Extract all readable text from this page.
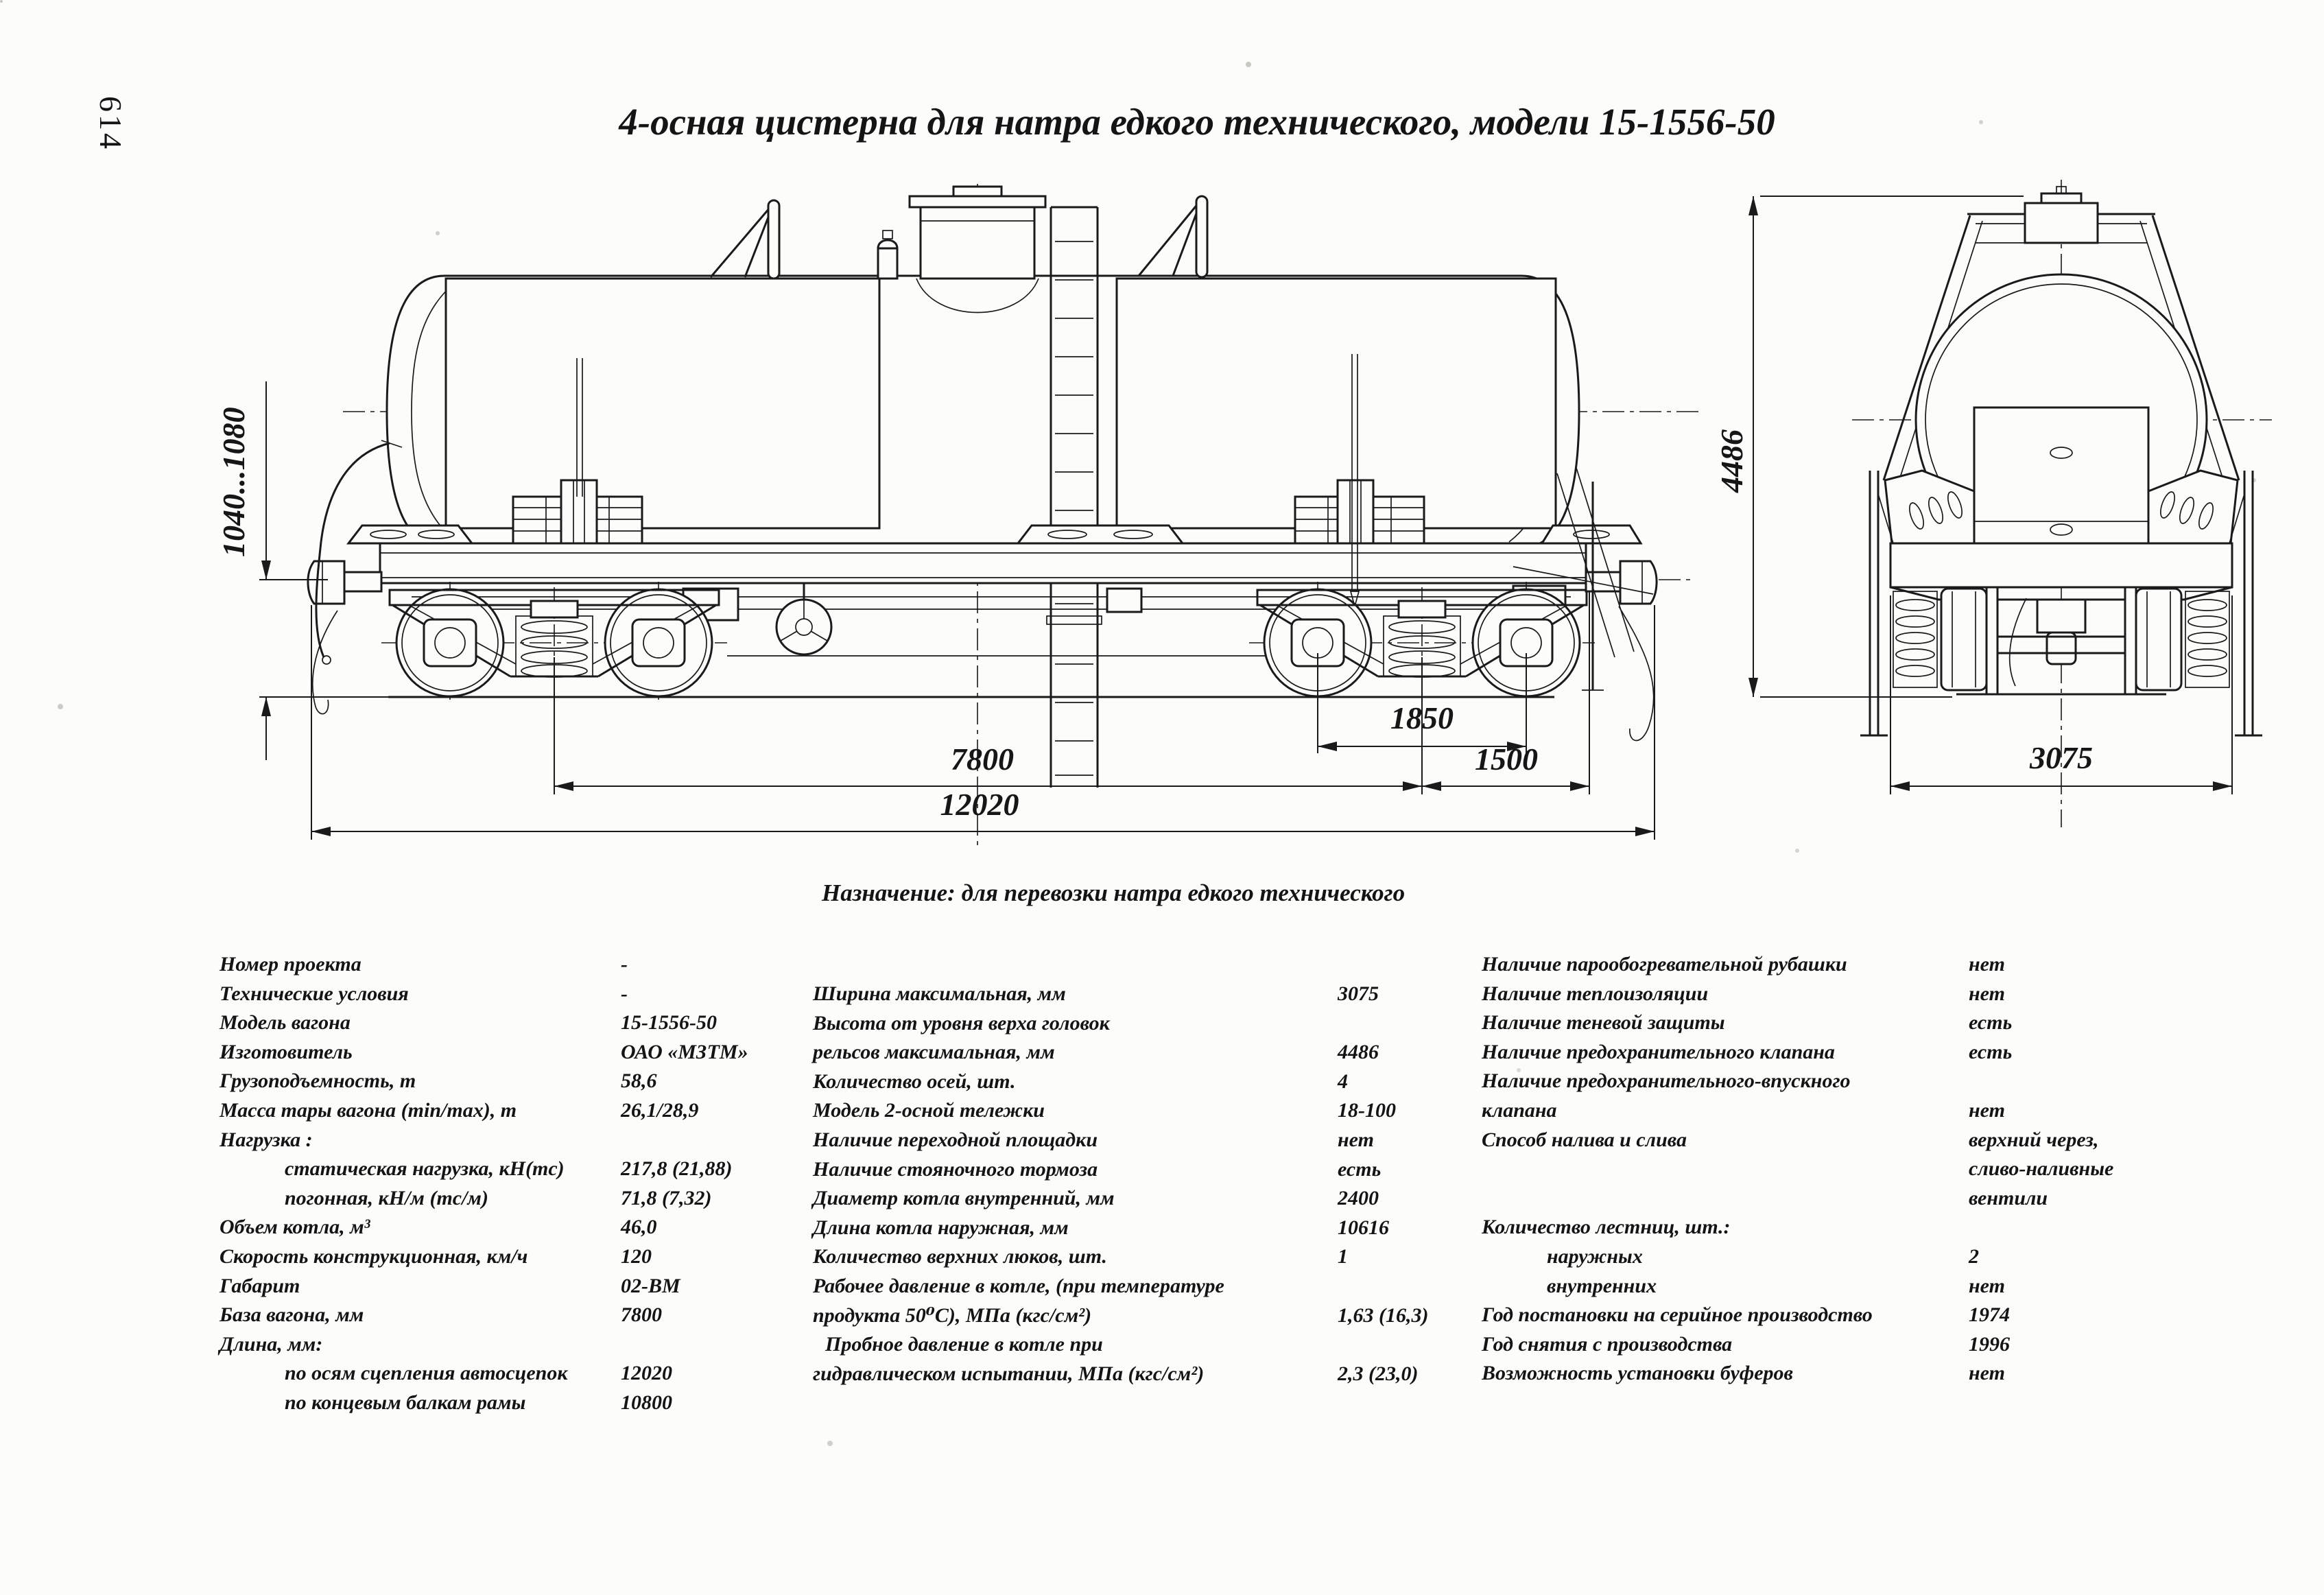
614	4-осная цистерна для натра едкого технического, модели 15-1556-50
1040...1080
1850
7800	1500
12020
4486
3075
Назначение: для перевозки натра едкого технического
Номер проекта	-
Технические условия	-
Модель вагона	15-1556-50
Изготовитель	ОАО «МЗТМ»
Грузоподъемность, т	58,6
Масса тары вагона (min/max), т	26,1/28,9
Нагрузка :
статическая нагрузка, кН(тс)	217,8 (21,88)
погонная, кН/м (тс/м)	71,8 (7,32)
Объем котла, м³	46,0
Скорость конструкционная, км/ч	120
Габарит	02-ВМ
База вагона, мм	7800
Длина, мм:
по осям сцепления автосцепок	12020
по концевым балкам рамы	10800
Ширина максимальная, мм	3075
Высота от уровня верха головок
рельсов максимальная, мм	4486
Количество осей, шт.	4
Модель 2-осной тележки	18-100
Наличие переходной площадки	нет
Наличие стояночного тормоза	есть
Диаметр котла внутренний, мм	2400
Длина котла наружная, мм	10616
Количество верхних люков, шт.	1
Рабочее давление в котле, (при температуре
продукта 50⁰С), МПа (кгс/см²)	1,63 (16,3)
Пробное давление в котле при
гидравлическом испытании, МПа (кгс/см²)	2,3 (23,0)
Наличие парообогревательной рубашки	нет
Наличие теплоизоляции	нет
Наличие теневой защиты	есть
Наличие предохранительного клапана	есть
Наличие предохранительного-впускного
клапана	нет
Способ налива и слива	верхний через,
сливо-наливные
вентили
Количество лестниц, шт.:
наружных	2
внутренних	нет
Год постановки на серийное производство	1974
Год снятия с производства	1996
Возможность установки буферов	нет
